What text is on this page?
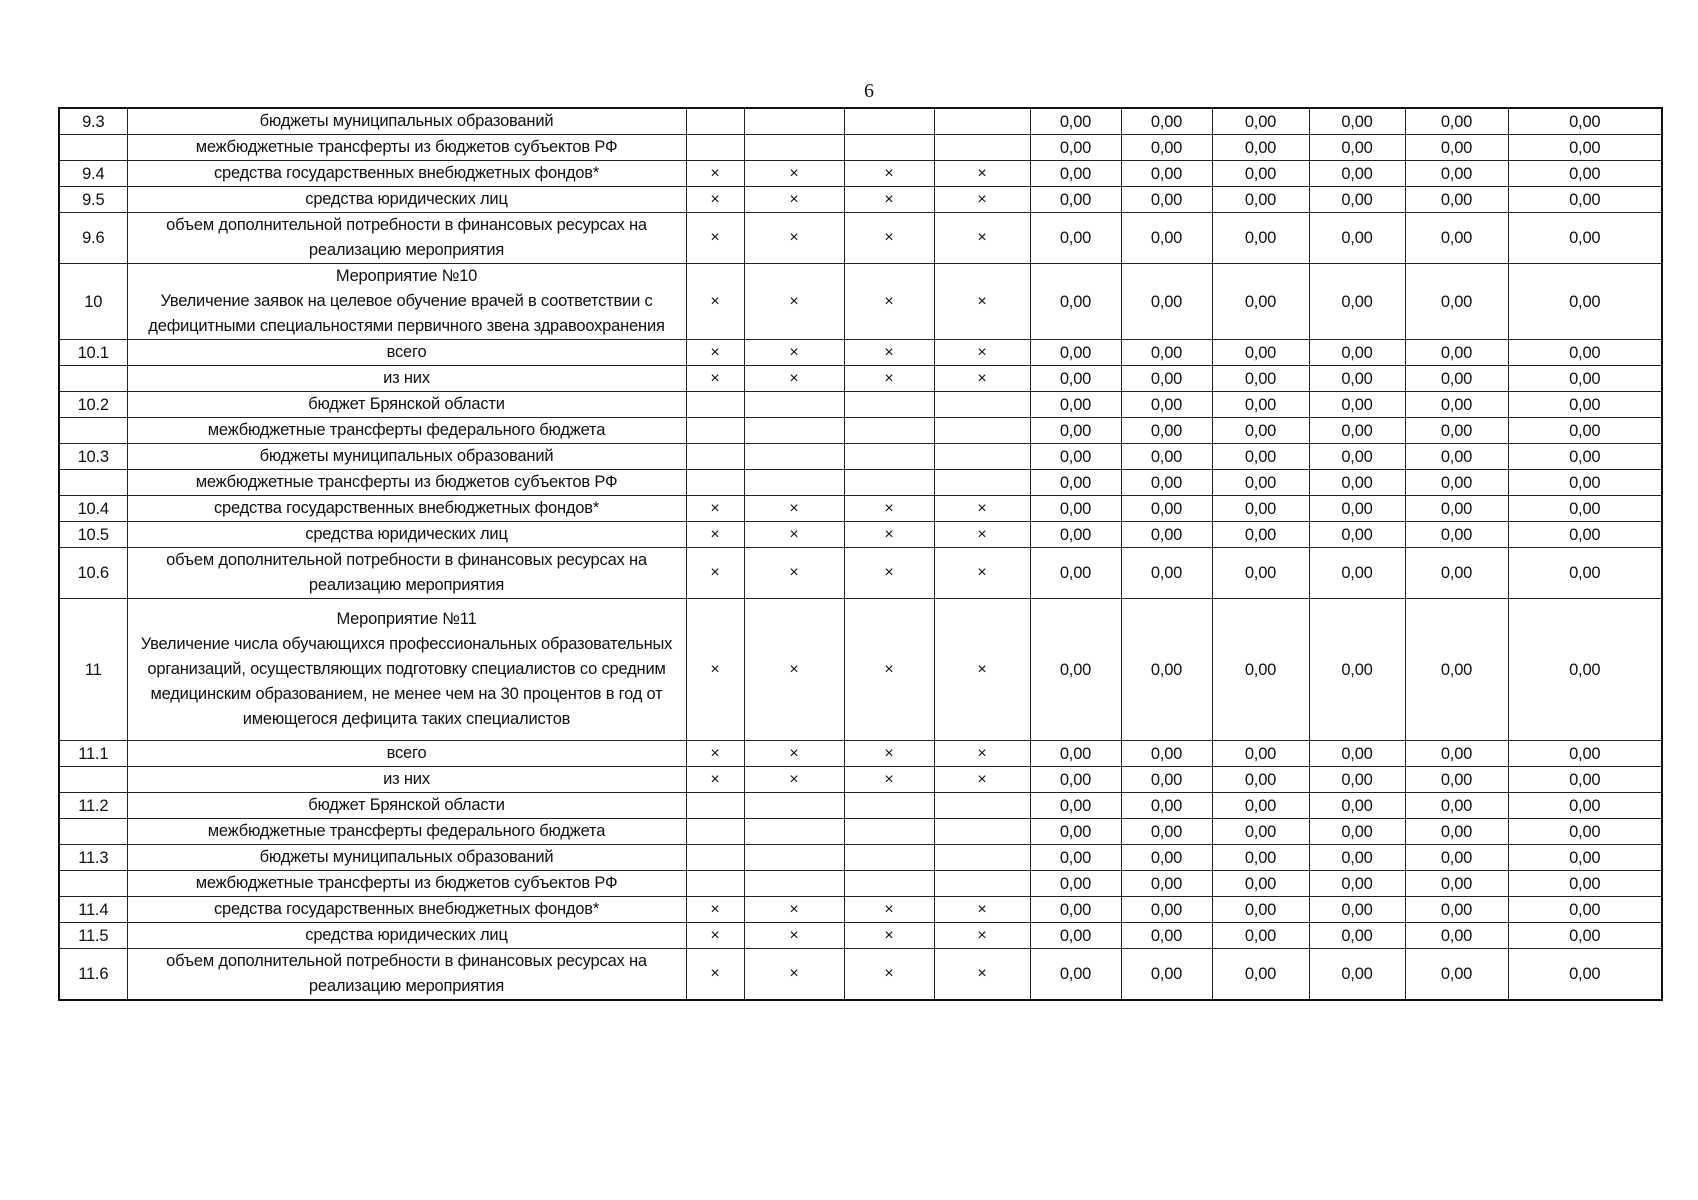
6
9.3	бюджеты муниципальных образований					0,00	0,00	0,00	0,00	0,00	0,00
	межбюджетные трансферты из бюджетов субъектов РФ					0,00	0,00	0,00	0,00	0,00	0,00
9.4	средства государственных внебюджетных фондов*	×	×	×	×	0,00	0,00	0,00	0,00	0,00	0,00
9.5	средства юридических лиц	×	×	×	×	0,00	0,00	0,00	0,00	0,00	0,00
9.6	объем дополнительной потребности в финансовых ресурсах на реализацию мероприятия	×	×	×	×	0,00	0,00	0,00	0,00	0,00	0,00
10	Мероприятие №10
Увеличение заявок на целевое обучение врачей в соответствии с дефицитными специальностями первичного звена здравоохранения	×	×	×	×	0,00	0,00	0,00	0,00	0,00	0,00
10.1	всего	×	×	×	×	0,00	0,00	0,00	0,00	0,00	0,00
	из них	×	×	×	×	0,00	0,00	0,00	0,00	0,00	0,00
10.2	бюджет Брянской области					0,00	0,00	0,00	0,00	0,00	0,00
	межбюджетные трансферты федерального бюджета					0,00	0,00	0,00	0,00	0,00	0,00
10.3	бюджеты муниципальных образований					0,00	0,00	0,00	0,00	0,00	0,00
	межбюджетные трансферты из бюджетов субъектов РФ					0,00	0,00	0,00	0,00	0,00	0,00
10.4	средства государственных внебюджетных фондов*	×	×	×	×	0,00	0,00	0,00	0,00	0,00	0,00
10.5	средства юридических лиц	×	×	×	×	0,00	0,00	0,00	0,00	0,00	0,00
10.6	объем дополнительной потребности в финансовых ресурсах на реализацию мероприятия	×	×	×	×	0,00	0,00	0,00	0,00	0,00	0,00
11	Мероприятие №11
Увеличение числа обучающихся профессиональных образовательных организаций, осуществляющих подготовку специалистов со средним медицинским образованием, не менее чем на 30 процентов в год от имеющегося дефицита таких специалистов	×	×	×	×	0,00	0,00	0,00	0,00	0,00	0,00
11.1	всего	×	×	×	×	0,00	0,00	0,00	0,00	0,00	0,00
	из них	×	×	×	×	0,00	0,00	0,00	0,00	0,00	0,00
11.2	бюджет Брянской области					0,00	0,00	0,00	0,00	0,00	0,00
	межбюджетные трансферты федерального бюджета					0,00	0,00	0,00	0,00	0,00	0,00
11.3	бюджеты муниципальных образований					0,00	0,00	0,00	0,00	0,00	0,00
	межбюджетные трансферты из бюджетов субъектов РФ					0,00	0,00	0,00	0,00	0,00	0,00
11.4	средства государственных внебюджетных фондов*	×	×	×	×	0,00	0,00	0,00	0,00	0,00	0,00
11.5	средства юридических лиц	×	×	×	×	0,00	0,00	0,00	0,00	0,00	0,00
11.6	объем дополнительной потребности в финансовых ресурсах на реализацию мероприятия	×	×	×	×	0,00	0,00	0,00	0,00	0,00	0,00
